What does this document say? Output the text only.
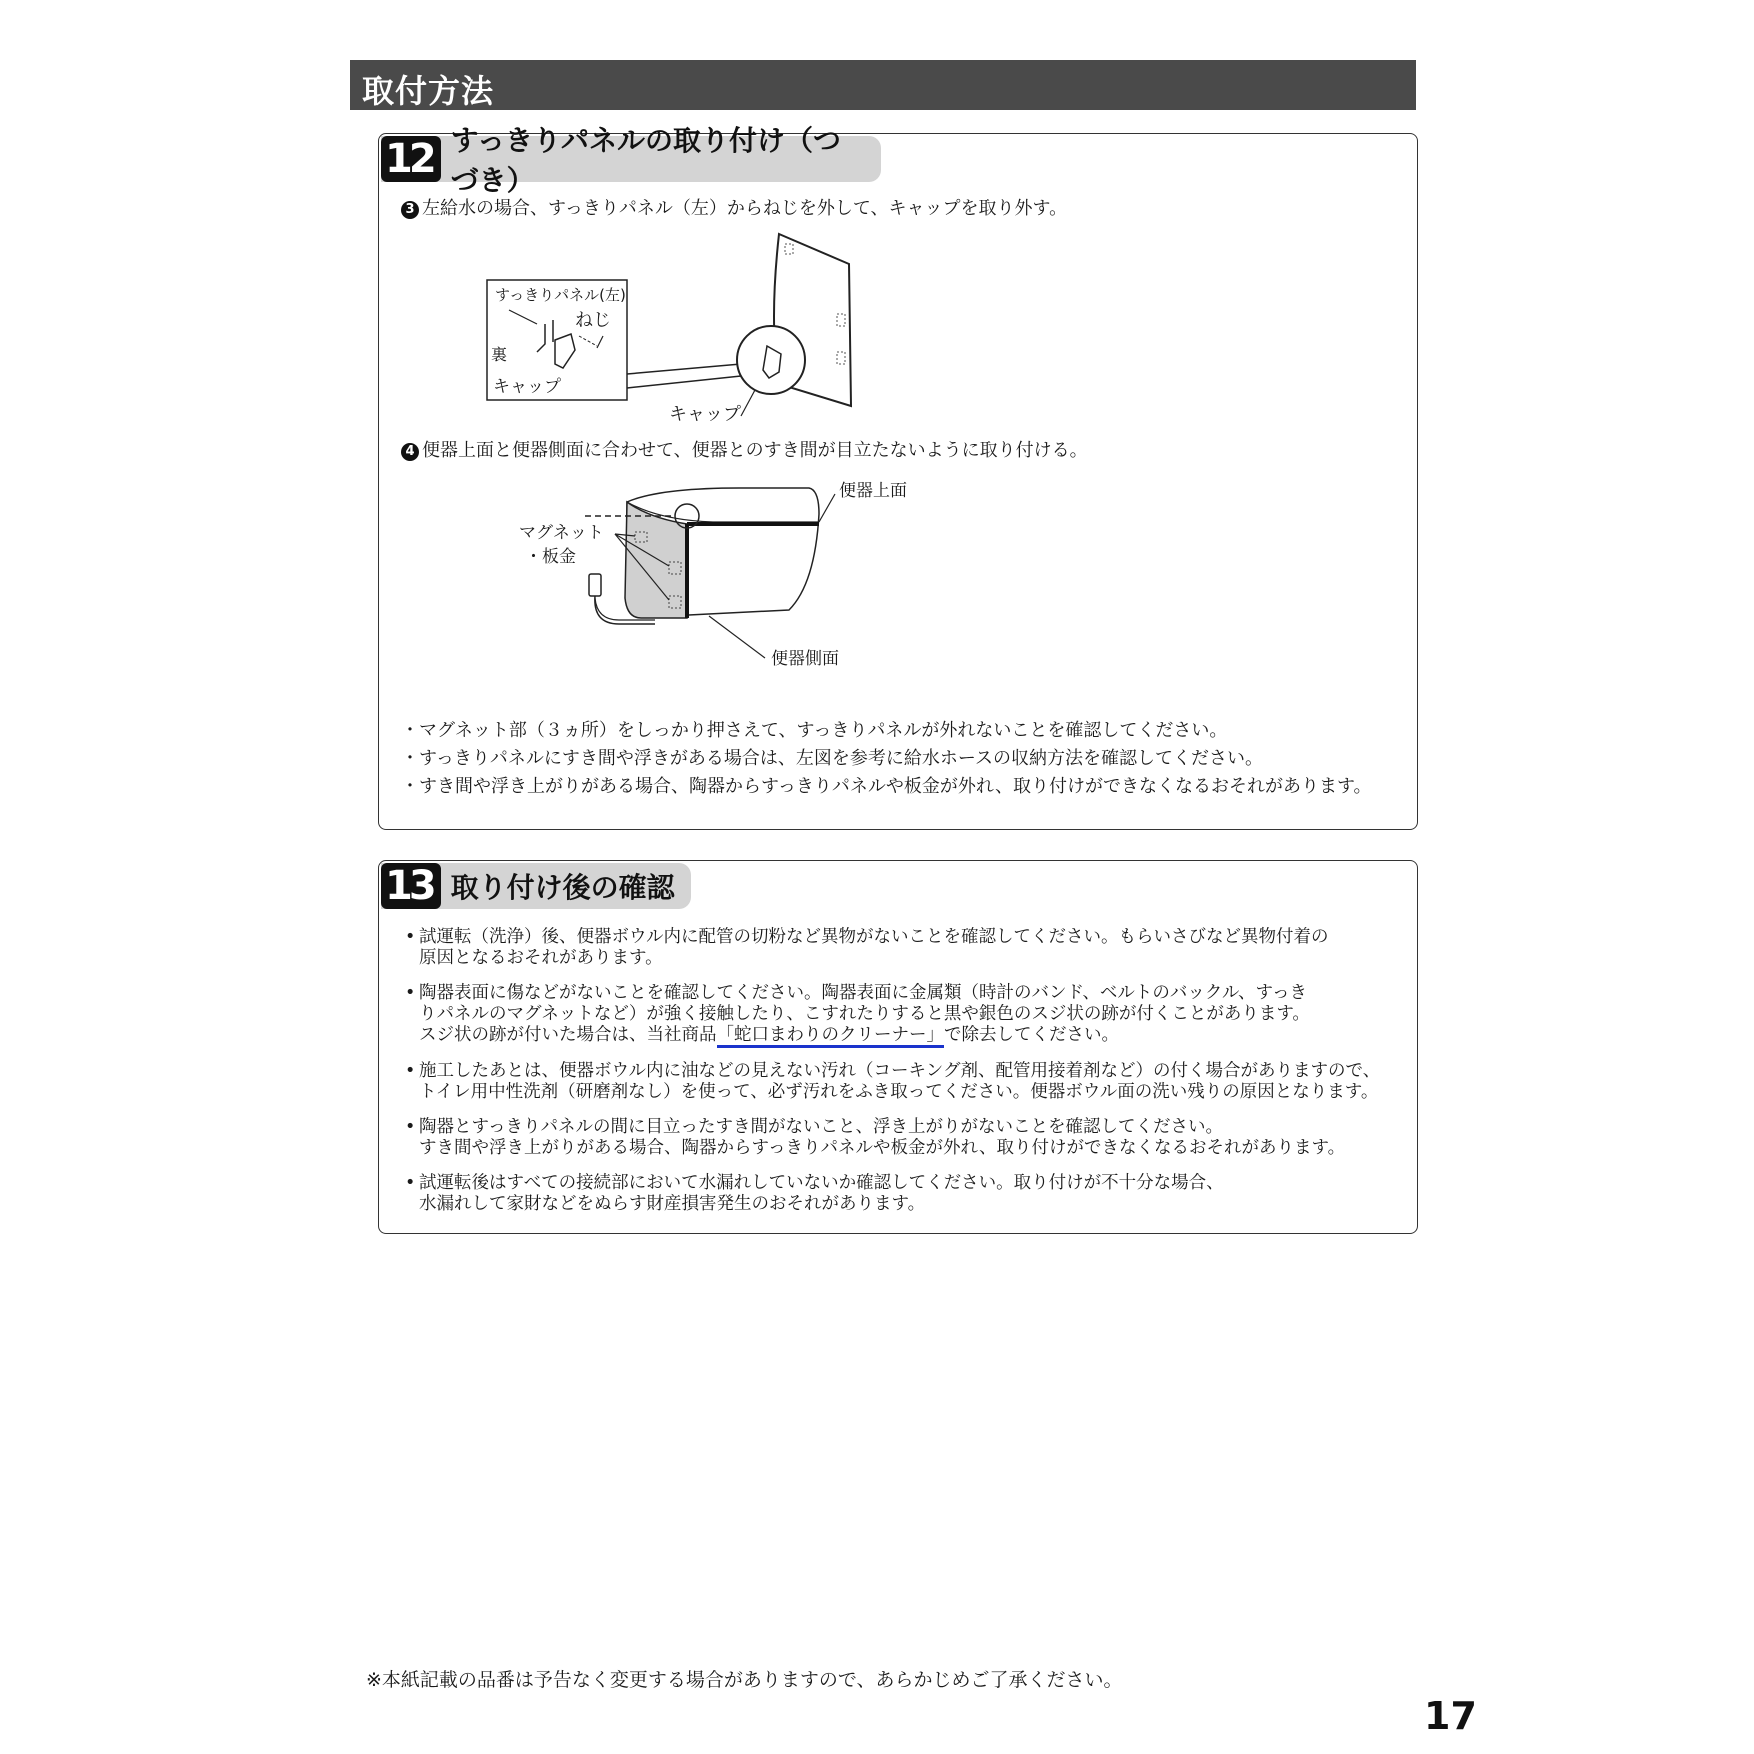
取付方法
12 すっきりパネルの取り付け（つづき）
3 左給水の場合、すっきりパネル（左）からねじを外して、キャップを取り外す。
すっきりパネル(左)
ねじ
裏
キャップ
キャップ
4 便器上面と便器側面に合わせて、便器とのすき間が目立たないように取り付ける。
便器上面
マグネット
・板金
便器側面
・マグネット部（３ヵ所）をしっかり押さえて、すっきりパネルが外れないことを確認してください。
・すっきりパネルにすき間や浮きがある場合は、左図を参考に給水ホースの収納方法を確認してください。
・すき間や浮き上がりがある場合、陶器からすっきりパネルや板金が外れ、取り付けができなくなるおそれがあります。
13 取り付け後の確認
• 試運転（洗浄）後、便器ボウル内に配管の切粉など異物がないことを確認してください。もらいさびなど異物付着の
原因となるおそれがあります。
• 陶器表面に傷などがないことを確認してください。陶器表面に金属類（時計のバンド、ベルトのバックル、すっき
りパネルのマグネットなど）が強く接触したり、こすれたりすると黒や銀色のスジ状の跡が付くことがあります。
スジ状の跡が付いた場合は、当社商品「蛇口まわりのクリーナー」で除去してください。
• 施工したあとは、便器ボウル内に油などの見えない汚れ（コーキング剤、配管用接着剤など）の付く場合がありますので、
トイレ用中性洗剤（研磨剤なし）を使って、必ず汚れをふき取ってください。便器ボウル面の洗い残りの原因となります。
• 陶器とすっきりパネルの間に目立ったすき間がないこと、浮き上がりがないことを確認してください。
すき間や浮き上がりがある場合、陶器からすっきりパネルや板金が外れ、取り付けができなくなるおそれがあります。
• 試運転後はすべての接続部において水漏れしていないか確認してください。取り付けが不十分な場合、
水漏れして家財などをぬらす財産損害発生のおそれがあります。
※本紙記載の品番は予告なく変更する場合がありますので、あらかじめご了承ください。
17
